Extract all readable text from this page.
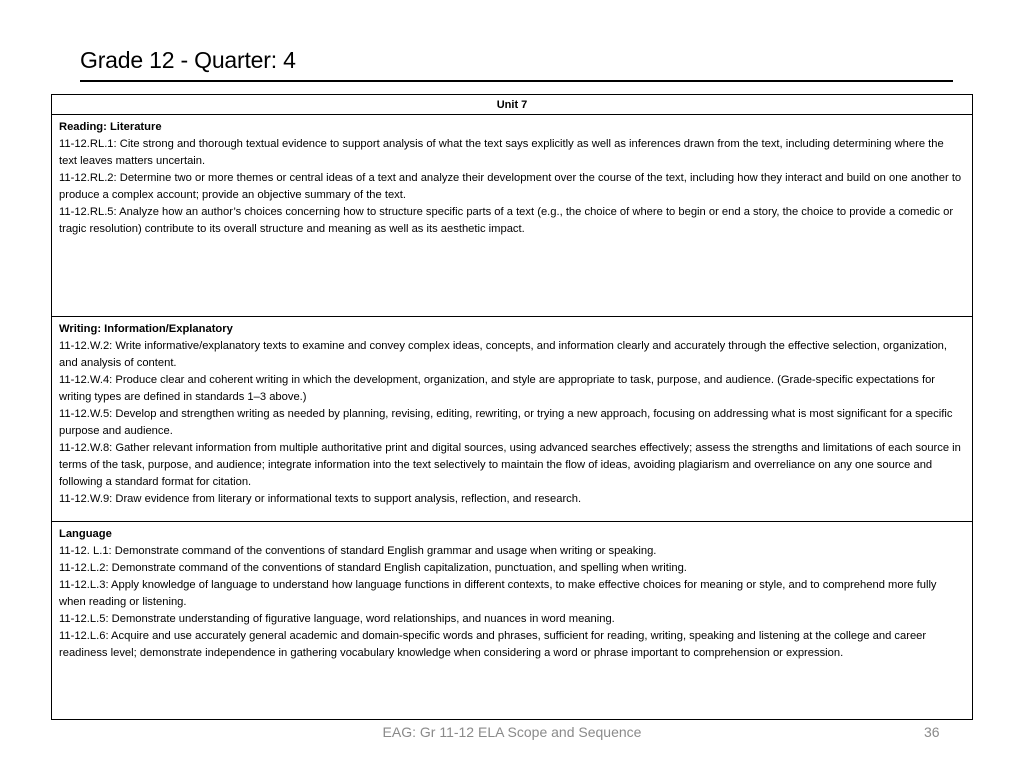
Grade 12 - Quarter: 4
Unit 7
Reading: Literature
11-12.RL.1: Cite strong and thorough textual evidence to support analysis of what the text says explicitly as well as inferences drawn from the text, including determining where the text leaves matters uncertain.
11-12.RL.2: Determine two or more themes or central ideas of a text and analyze their development over the course of the text, including how they interact and build on one another to produce a complex account; provide an objective summary of the text.
11-12.RL.5: Analyze how an author’s choices concerning how to structure specific parts of a text (e.g., the choice of where to begin or end a story, the choice to provide a comedic or tragic resolution) contribute to its overall structure and meaning as well as its aesthetic impact.
Writing: Information/Explanatory
11-12.W.2: Write informative/explanatory texts to examine and convey complex ideas, concepts, and information clearly and accurately through the effective selection, organization, and analysis of content.
11-12.W.4: Produce clear and coherent writing in which the development, organization, and style are appropriate to task, purpose, and audience. (Grade-specific expectations for writing types are defined in standards 1–3 above.)
11-12.W.5: Develop and strengthen writing as needed by planning, revising, editing, rewriting, or trying a new approach, focusing on addressing what is most significant for a specific purpose and audience.
11-12.W.8: Gather relevant information from multiple authoritative print and digital sources, using advanced searches effectively; assess the strengths and limitations of each source in terms of the task, purpose, and audience; integrate information into the text selectively to maintain the flow of ideas, avoiding plagiarism and overreliance on any one source and following a standard format for citation.
11-12.W.9: Draw evidence from literary or informational texts to support analysis, reflection, and research.
Language
11-12. L.1: Demonstrate command of the conventions of standard English grammar and usage when writing or speaking.
11-12.L.2: Demonstrate command of the conventions of standard English capitalization, punctuation, and spelling when writing.
11-12.L.3: Apply knowledge of language to understand how language functions in different contexts, to make effective choices for meaning or style, and to comprehend more fully when reading or listening.
11-12.L.5: Demonstrate understanding of figurative language, word relationships, and nuances in word meaning.
11-12.L.6: Acquire and use accurately general academic and domain-specific words and phrases, sufficient for reading, writing, speaking and listening at the college and career readiness level; demonstrate independence in gathering vocabulary knowledge when considering a word or phrase important to comprehension or expression.
EAG: Gr 11-12 ELA Scope and Sequence	36
